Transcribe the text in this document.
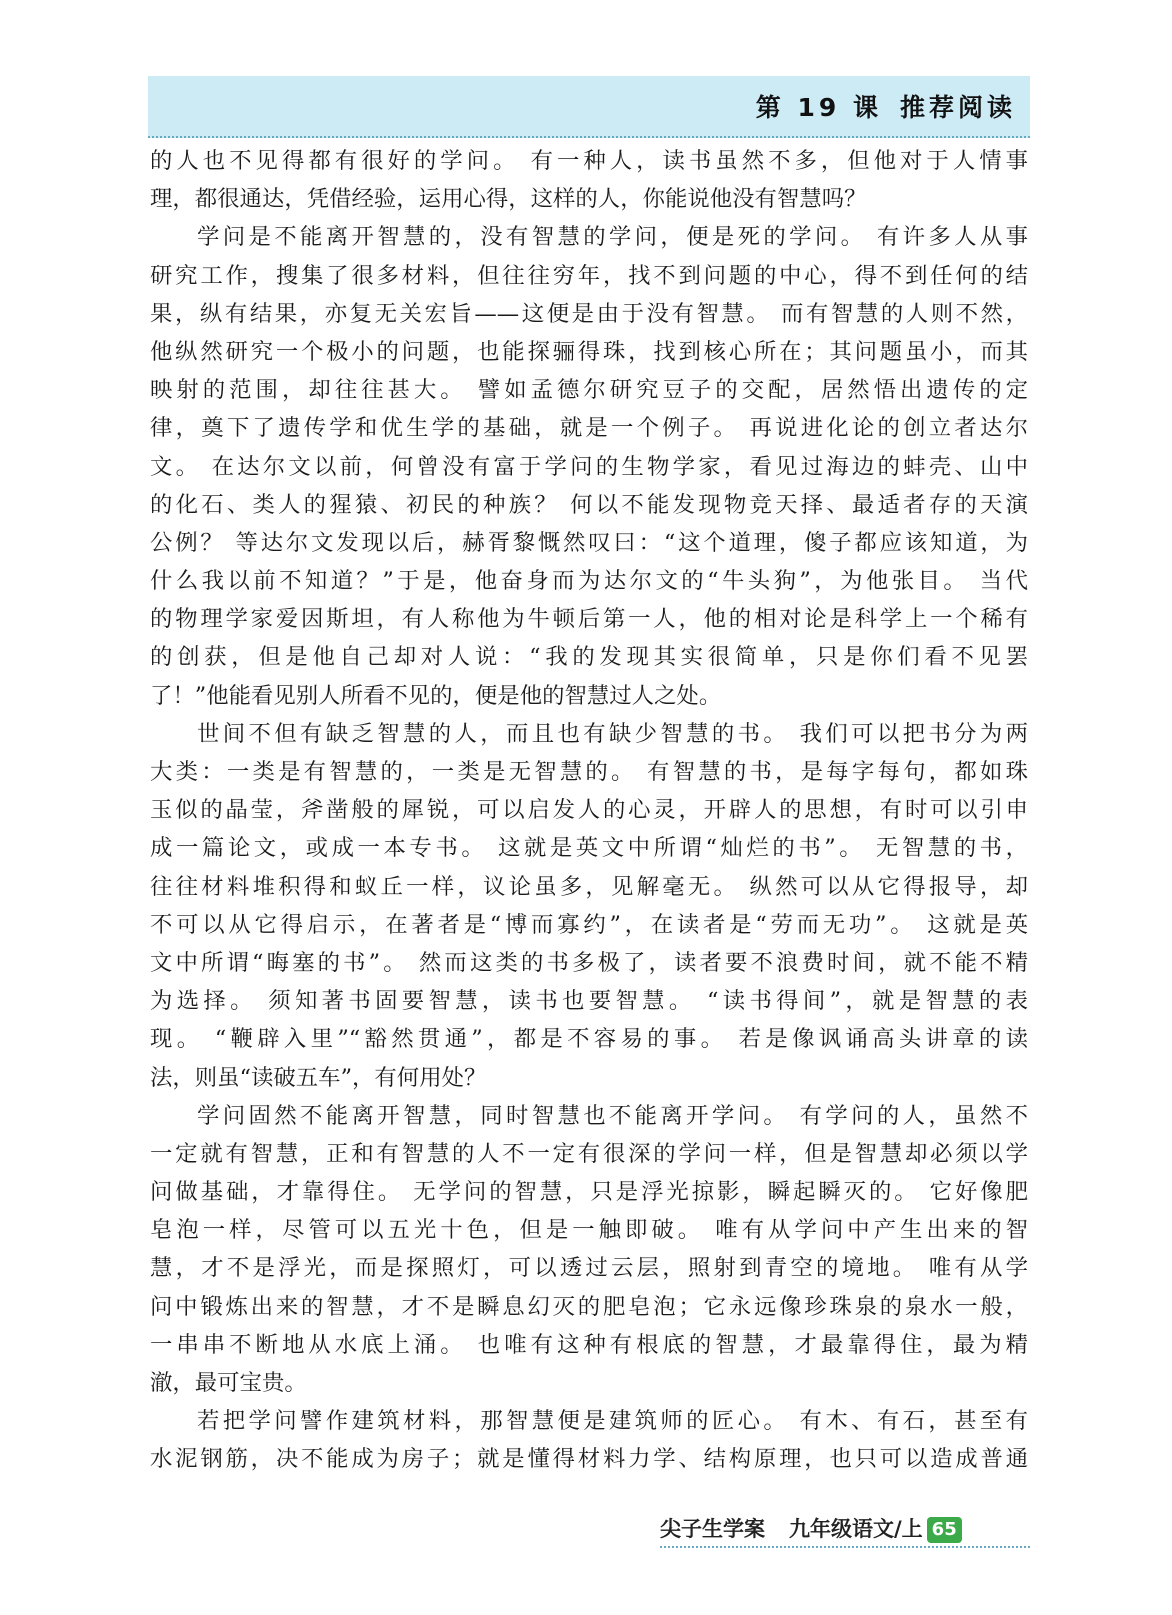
第 19 课 推荐阅读
的人也不见得都有很好的学问。 有一种人，读书虽然不多，但他对于人情事
理，都很通达，凭借经验，运用心得，这样的人，你能说他没有智慧吗？
学问是不能离开智慧的，没有智慧的学问，便是死的学问。 有许多人从事
研究工作，搜集了很多材料，但往往穷年，找不到问题的中心，得不到任何的结
果，纵有结果，亦复无关宏旨——这便是由于没有智慧。 而有智慧的人则不然，
他纵然研究一个极小的问题，也能探骊得珠，找到核心所在；其问题虽小，而其
映射的范围，却往往甚大。 譬如孟德尔研究豆子的交配，居然悟出遗传的定
律，奠下了遗传学和优生学的基础，就是一个例子。 再说进化论的创立者达尔
文。 在达尔文以前，何曾没有富于学问的生物学家，看见过海边的蚌壳、山中
的化石、类人的猩猿、初民的种族？ 何以不能发现物竞天择、最适者存的天演
公例？ 等达尔文发现以后，赫胥黎慨然叹曰：“这个道理，傻子都应该知道，为
什么我以前不知道？”于是，他奋身而为达尔文的“牛头狗”，为他张目。 当代
的物理学家爱因斯坦，有人称他为牛顿后第一人，他的相对论是科学上一个稀有
的创获，但是他自己却对人说：“我的发现其实很简单，只是你们看不见罢
了！”他能看见别人所看不见的，便是他的智慧过人之处。
世间不但有缺乏智慧的人，而且也有缺少智慧的书。 我们可以把书分为两
大类：一类是有智慧的，一类是无智慧的。 有智慧的书，是每字每句，都如珠
玉似的晶莹，斧凿般的犀锐，可以启发人的心灵，开辟人的思想，有时可以引申
成一篇论文，或成一本专书。 这就是英文中所谓“灿烂的书”。 无智慧的书，
往往材料堆积得和蚁丘一样，议论虽多，见解毫无。 纵然可以从它得报导，却
不可以从它得启示，在著者是“博而寡约”，在读者是“劳而无功”。 这就是英
文中所谓“晦塞的书”。 然而这类的书多极了，读者要不浪费时间，就不能不精
为选择。 须知著书固要智慧，读书也要智慧。 “读书得间”，就是智慧的表
现。 “鞭辟入里”“豁然贯通”，都是不容易的事。 若是像讽诵高头讲章的读
法，则虽“读破五车”，有何用处？
学问固然不能离开智慧，同时智慧也不能离开学问。 有学问的人，虽然不
一定就有智慧，正和有智慧的人不一定有很深的学问一样，但是智慧却必须以学
问做基础，才靠得住。 无学问的智慧，只是浮光掠影，瞬起瞬灭的。 它好像肥
皂泡一样，尽管可以五光十色，但是一触即破。 唯有从学问中产生出来的智
慧，才不是浮光，而是探照灯，可以透过云层，照射到青空的境地。 唯有从学
问中锻炼出来的智慧，才不是瞬息幻灭的肥皂泡；它永远像珍珠泉的泉水一般，
一串串不断地从水底上涌。 也唯有这种有根底的智慧，才最靠得住，最为精
澈，最可宝贵。
若把学问譬作建筑材料，那智慧便是建筑师的匠心。 有木、有石，甚至有
水泥钢筋，决不能成为房子；就是懂得材料力学、结构原理，也只可以造成普通
尖子生学案 九年级语文/上 65
